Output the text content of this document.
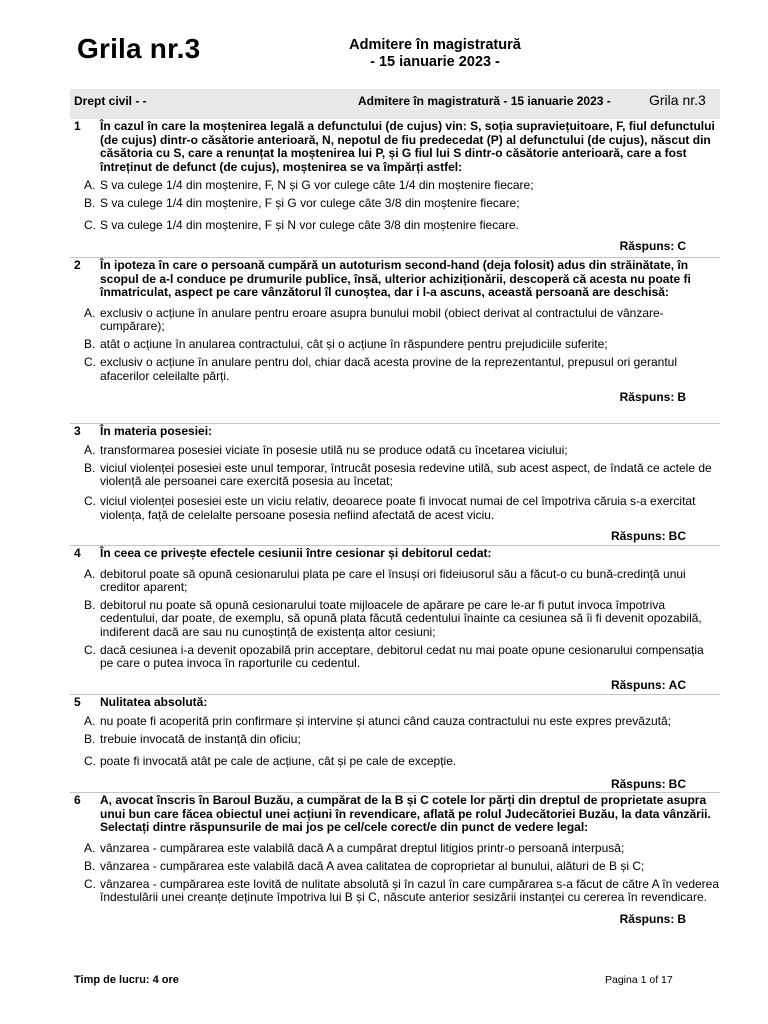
Grila nr.3	Admitere în magistratură
- 15 ianuarie 2023 -
Drept civil - -	Admitere în magistratură - 15 ianuarie 2023 -	Grila nr.3
1 În cazul în care la moștenirea legală a defunctului (de cujus) vin: S, soția supraviețuitoare, F, fiul defunctului (de cujus) dintr-o căsătorie anterioară, N, nepotul de fiu predecedat (P) al defunctului (de cujus), născut din căsătoria cu S, care a renunțat la moștenirea lui P, și G fiul lui S dintr-o căsătorie anterioară, care a fost întreținut de defunct (de cujus), moștenirea se va împărți astfel:
A. S va culege 1/4 din moștenire, F, N și G vor culege câte 1/4 din moștenire fiecare;
B. S va culege 1/4 din moștenire, F și G vor culege câte 3/8 din moștenire fiecare;
C. S va culege 1/4 din moștenire, F și N vor culege câte 3/8 din moștenire fiecare.
Răspuns: C
2 În ipoteza în care o persoană cumpără un autoturism second-hand (deja folosit) adus din străinătate, în scopul de a-l conduce pe drumurile publice, însă, ulterior achiziționării, descoperă că acesta nu poate fi înmatriculat, aspect pe care vânzătorul îl cunoștea, dar i l-a ascuns, această persoană are deschisă:
A. exclusiv o acțiune în anulare pentru eroare asupra bunului mobil (obiect derivat al contractului de vânzare-cumpărare);
B. atât o acțiune în anularea contractului, cât și o acțiune în răspundere pentru prejudiciile suferite;
C. exclusiv o acțiune în anulare pentru dol, chiar dacă acesta provine de la reprezentantul, prepusul ori gerantul afacerilor celeilalte părți.
Răspuns: B
3 În materia posesiei:
A. transformarea posesiei viciate în posesie utilă nu se produce odată cu încetarea viciului;
B. viciul violenței posesiei este unul temporar, întrucât posesia redevine utilă, sub acest aspect, de îndată ce actele de violență ale persoanei care exercită posesia au încetat;
C. viciul violenței posesiei este un viciu relativ, deoarece poate fi invocat numai de cel împotriva căruia s-a exercitat violența, față de celelalte persoane posesia nefiind afectată de acest viciu.
Răspuns: BC
4 În ceea ce privește efectele cesiunii între cesionar și debitorul cedat:
A. debitorul poate să opună cesionarului plata pe care el însuși ori fideiusorul său a făcut-o cu bună-credință unui creditor aparent;
B. debitorul nu poate să opună cesionarului toate mijloacele de apărare pe care le-ar fi putut invoca împotriva cedentului, dar poate, de exemplu, să opună plata făcută cedentului înainte ca cesiunea să îi fi devenit opozabilă, indiferent dacă are sau nu cunoștință de existența altor cesiuni;
C. dacă cesiunea i-a devenit opozabilă prin acceptare, debitorul cedat nu mai poate opune cesionarului compensația pe care o putea invoca în raporturile cu cedentul.
Răspuns: AC
5 Nulitatea absolută:
A. nu poate fi acoperită prin confirmare și intervine și atunci când cauza contractului nu este expres prevăzută;
B. trebuie invocată de instanță din oficiu;
C. poate fi invocată atât pe cale de acțiune, cât și pe cale de excepție.
Răspuns: BC
6 A, avocat înscris în Baroul Buzău, a cumpărat de la B și C cotele lor părți din dreptul de proprietate asupra unui bun care făcea obiectul unei acțiuni în revendicare, aflată pe rolul Judecătoriei Buzău, la data vânzării. Selectați dintre răspunsurile de mai jos pe cel/cele corect/e din punct de vedere legal:
A. vânzarea - cumpărarea este valabilă dacă A a cumpărat dreptul litigios printr-o persoană interpusă;
B. vânzarea - cumpărarea este valabilă dacă A avea calitatea de coproprietar al bunului, alături de B și C;
C. vânzarea - cumpărarea este lovită de nulitate absolută și în cazul în care cumpărarea s-a făcut de către A în vederea îndestulării unei creanțe deținute împotriva lui B și C, născute anterior sesizării instanței cu cererea în revendicare.
Răspuns: B
Timp de lucru: 4 ore	Pagina 1 of 17
